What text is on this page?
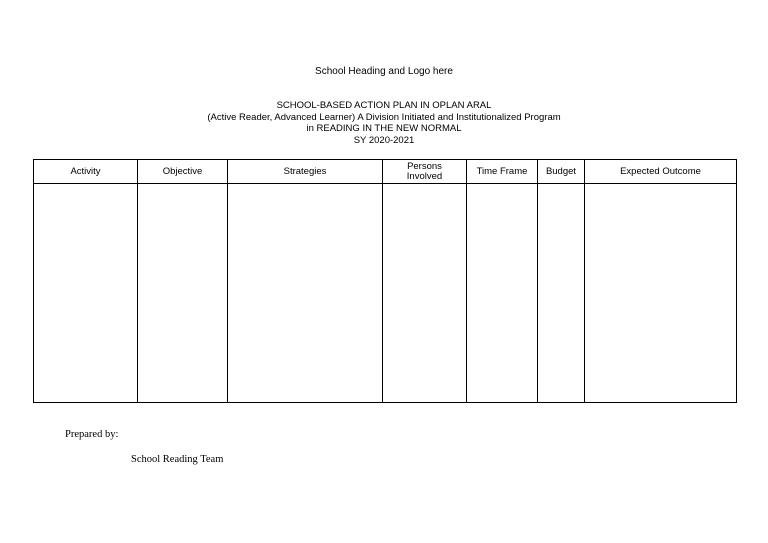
School Heading and Logo here
SCHOOL-BASED ACTION PLAN IN OPLAN ARAL
(Active Reader, Advanced Learner) A Division Initiated and Institutionalized Program
in READING IN THE NEW NORMAL
SY 2020-2021
Activity	Objective	Strategies	Persons Involved	Time Frame	Budget	Expected Outcome

Prepared by:
School Reading Team
